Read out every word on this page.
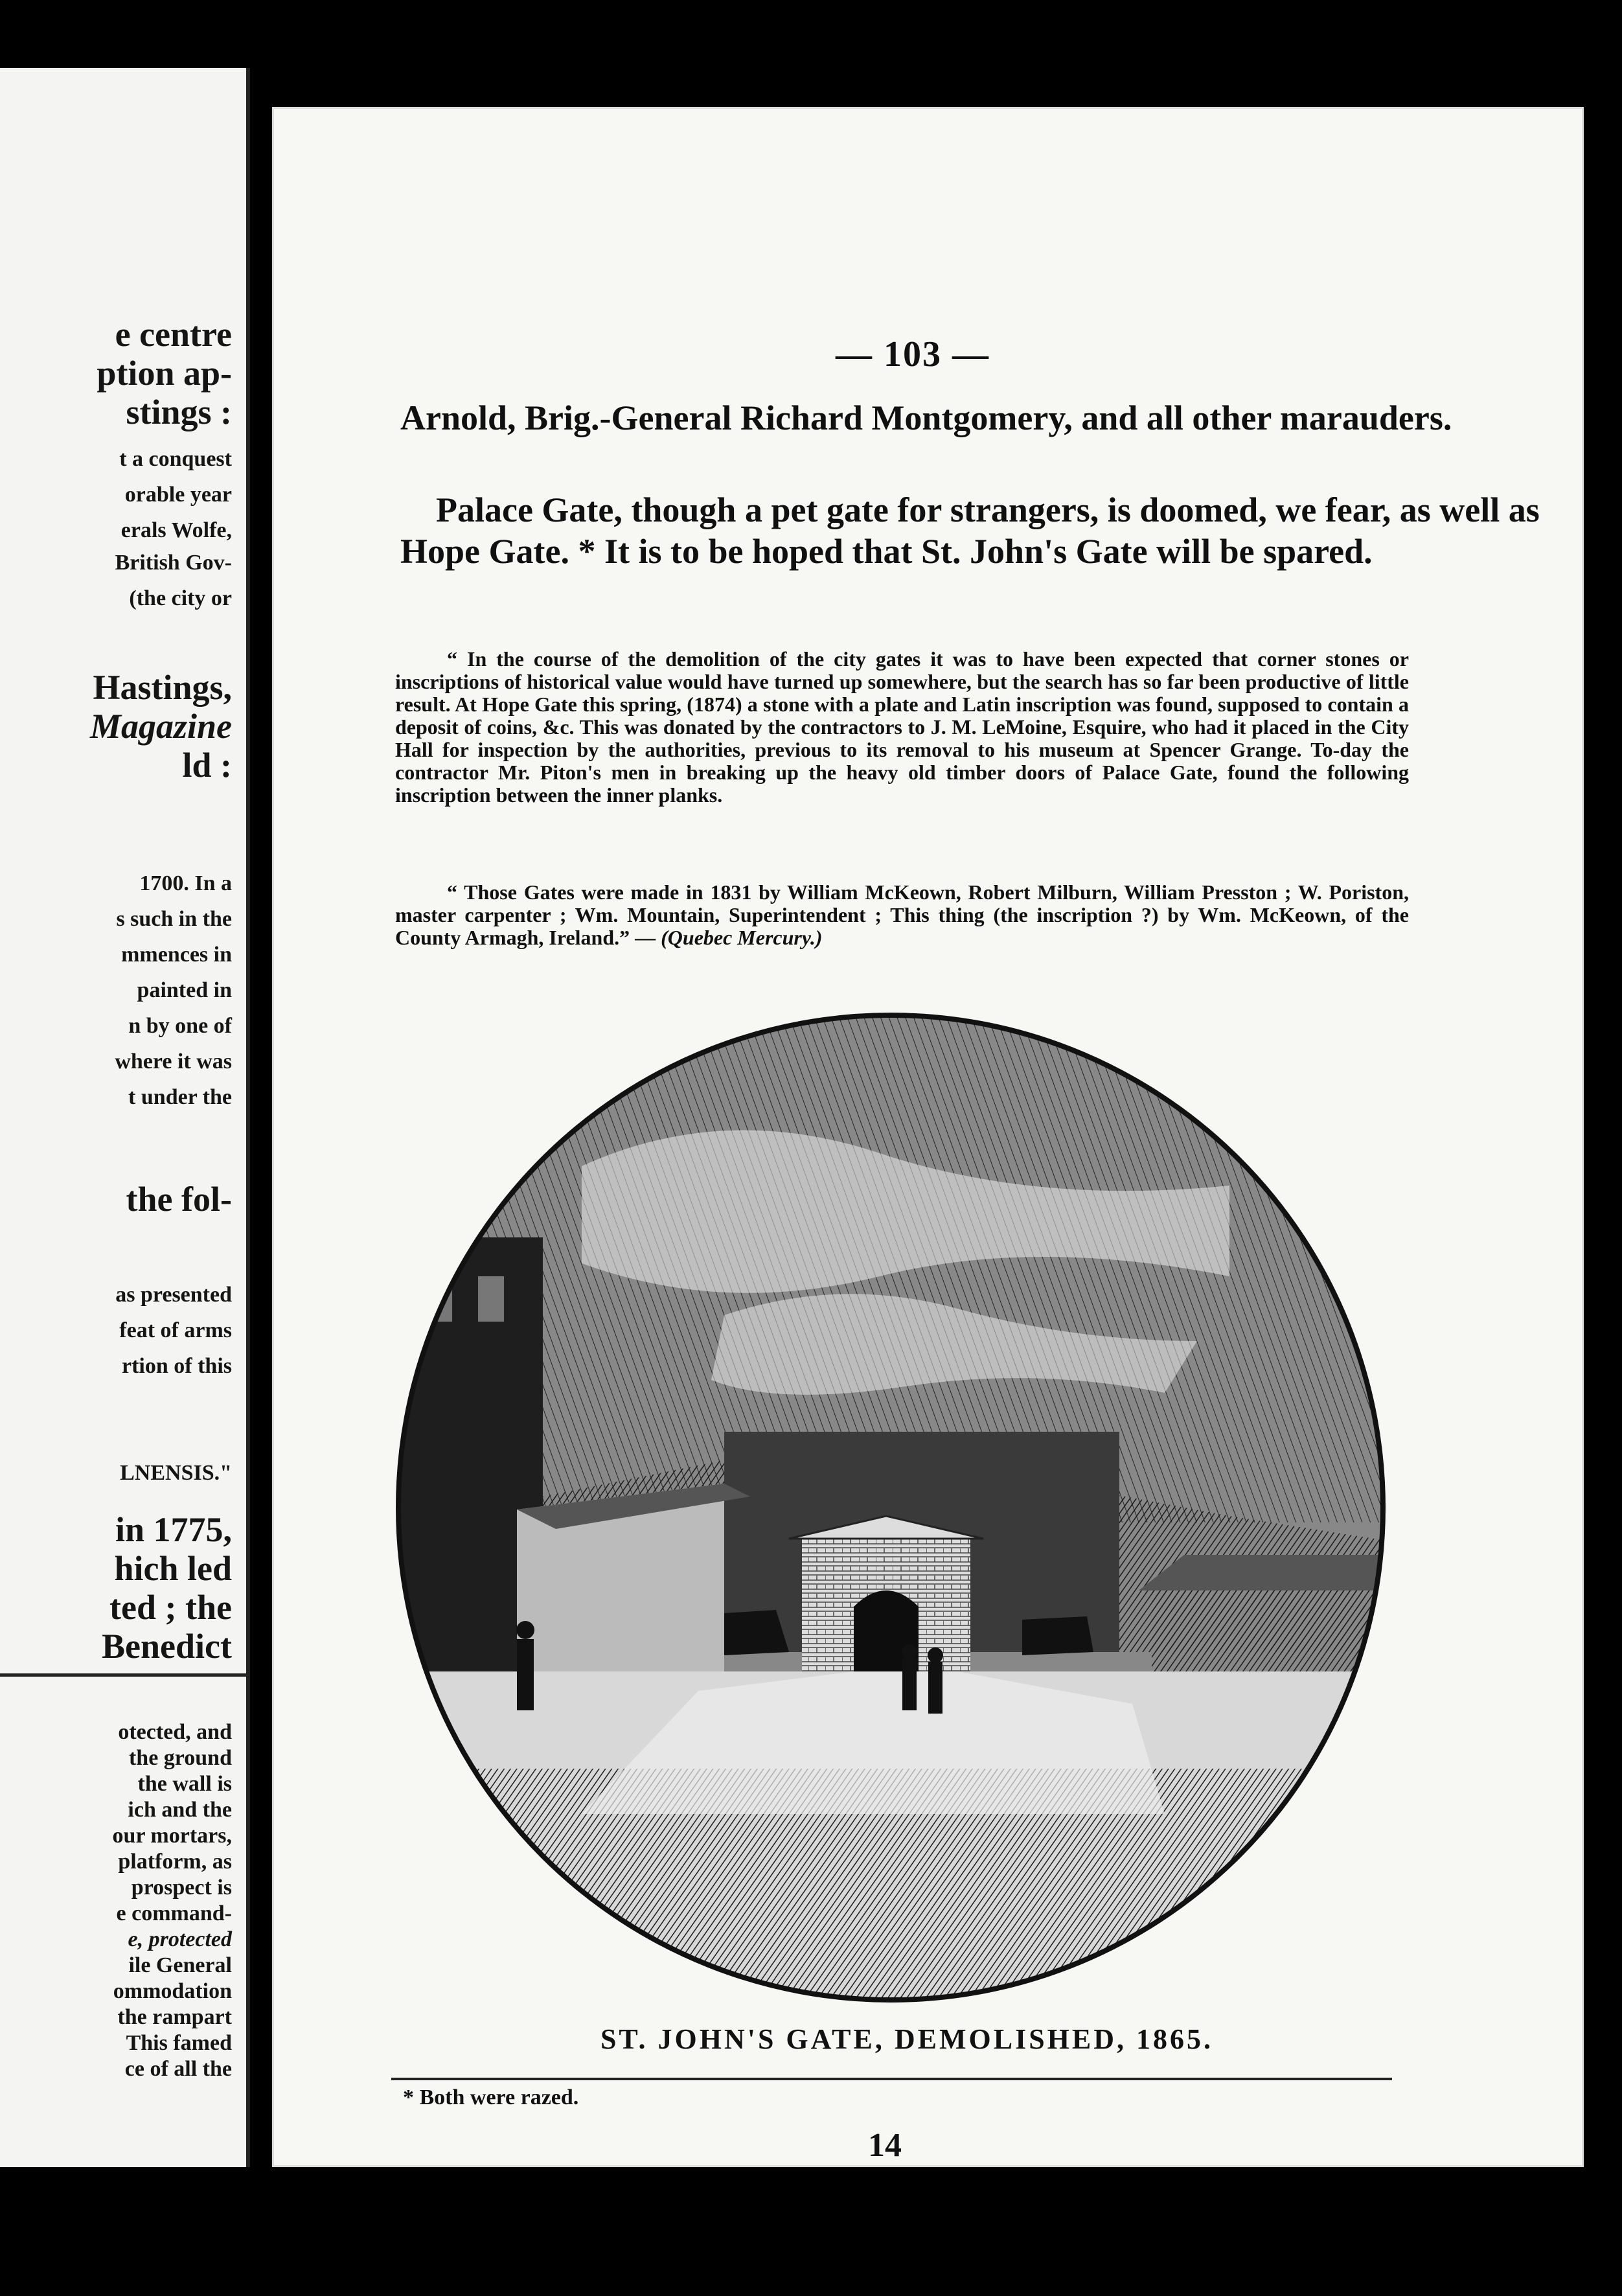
e centre
ption ap-
stings :
t a conquest
orable year
erals Wolfe,
British Gov-
(the city or
Hastings,
Magazine
ld :
1700. In a
s such in the
mmences in
painted in
n by one of
where it was
t under the
the fol-
as presented
feat of arms
rtion of this
LNENSIS."
in 1775,
hich led
ted ; the
Benedict
otected, and
the ground
the wall is
ich and the
our mortars,
platform, as
prospect is
e command-
e, protected
ile General
ommodation
the rampart
This famed
ce of all the
— 103 —
Arnold, Brig.-General Richard Montgomery, and all other marauders.
Palace Gate, though a pet gate for strangers, is doomed, we fear, as well as Hope Gate. * It is to be hoped that St. John's Gate will be spared.
“ In the course of the demolition of the city gates it was to have been expected that corner stones or inscriptions of historical value would have turned up somewhere, but the search has so far been productive of little result. At Hope Gate this spring, (1874) a stone with a plate and Latin inscription was found, supposed to contain a deposit of coins, &c. This was donated by the contractors to J. M. LeMoine, Esquire, who had it placed in the City Hall for inspection by the authorities, previous to its removal to his museum at Spencer Grange. To-day the contractor Mr. Piton's men in breaking up the heavy old timber doors of Palace Gate, found the following inscription between the inner planks.
“ Those Gates were made in 1831 by William McKeown, Robert Milburn, William Presston ; W. Poriston, master carpenter ; Wm. Mountain, Superintendent ; This thing (the inscription ?) by Wm. McKeown, of the County Armagh, Ireland.” — (Quebec Mercury.)
ST. JOHN'S GATE, DEMOLISHED, 1865.
* Both were razed.
14
